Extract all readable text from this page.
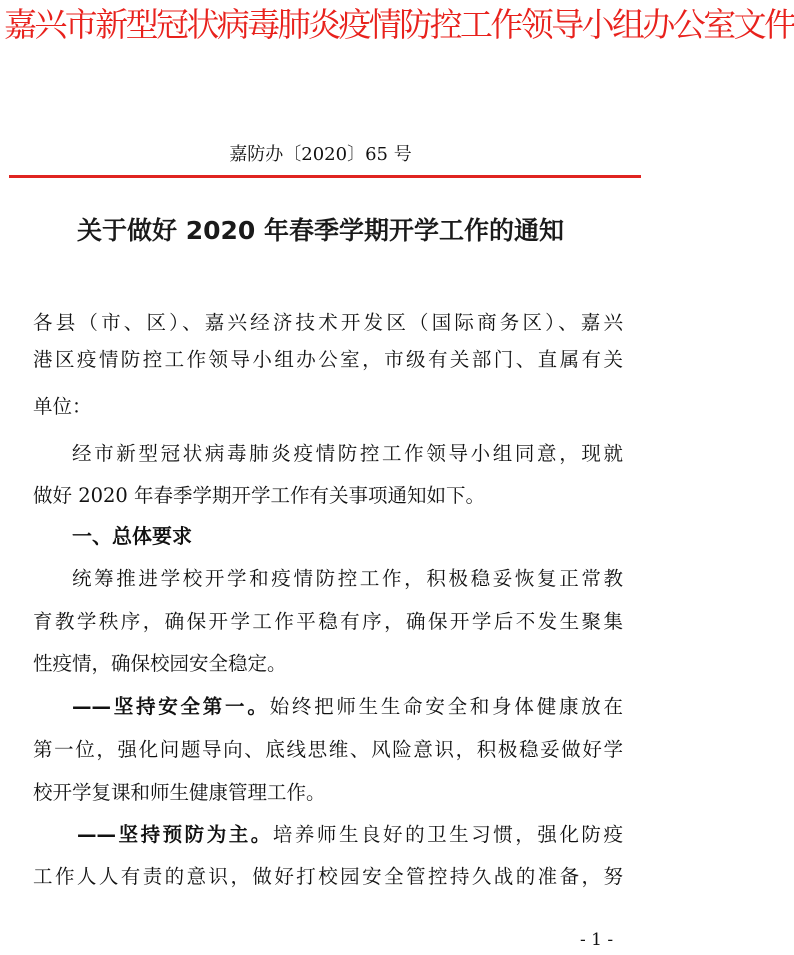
嘉兴市新型冠状病毒肺炎疫情防控工作领导小组办公室文件
嘉防办〔2020〕65 号
关于做好 2020 年春季学期开学工作的通知
各县（市、区）、嘉兴经济技术开发区（国际商务区）、嘉兴
港区疫情防控工作领导小组办公室，市级有关部门、直属有关
单位：
经市新型冠状病毒肺炎疫情防控工作领导小组同意，现就
做好 2020 年春季学期开学工作有关事项通知如下。
一、总体要求
统筹推进学校开学和疫情防控工作，积极稳妥恢复正常教
育教学秩序，确保开学工作平稳有序，确保开学后不发生聚集
性疫情，确保校园安全稳定。
——坚持安全第一。始终把师生生命安全和身体健康放在
第一位，强化问题导向、底线思维、风险意识，积极稳妥做好学
校开学复课和师生健康管理工作。
——坚持预防为主。培养师生良好的卫生习惯，强化防疫
工作人人有责的意识，做好打校园安全管控持久战的准备，努
- 1 -
